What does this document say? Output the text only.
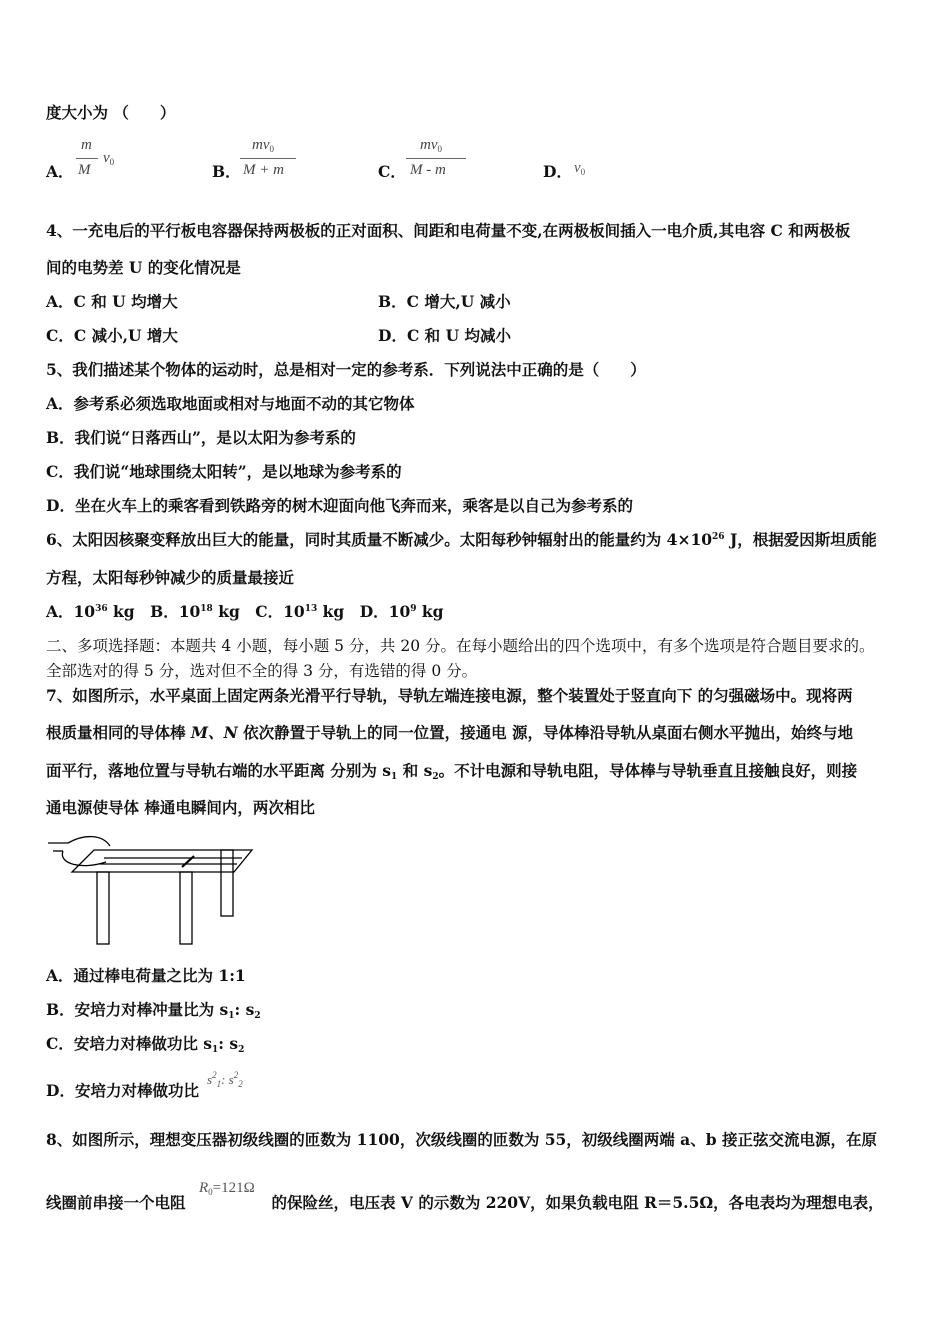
度大小为 （　　）
A．
m
M
$v_0$	B．
$mv_0$
M + m	C．
$mv_0$
M - m	D． $v_0$
4、一充电后的平行板电容器保持两极板的正对面积、间距和电荷量不变,在两极板间插入一电介质,其电容 C 和两极板
间的电势差 U 的变化情况是
A．C 和 U 均增大	B．C 增大,U 减小
C．C 减小,U 增大	D．C 和 U 均减小
5、我们描述某个物体的运动时，总是相对一定的参考系．下列说法中正确的是（　　）
A．参考系必须选取地面或相对与地面不动的其它物体
B．我们说“日落西山”，是以太阳为参考系的
C．我们说“地球围绕太阳转”，是以地球为参考系的
D．坐在火车上的乘客看到铁路旁的树木迎面向他飞奔而来，乘客是以自己为参考系的
6、太阳因核聚变释放出巨大的能量，同时其质量不断减少。太阳每秒钟辐射出的能量约为 $4\times 10^{26}$ J，根据爱因斯坦质能
方程，太阳每秒钟减少的质量最接近
A．$10^{36}$ kg　B．$10^{18}$ kg　C．$10^{13}$ kg　D．$10^9$ kg
二、多项选择题：本题共 4 小题，每小题 5 分，共 20 分。在每小题给出的四个选项中，有多个选项是符合题目要求的。
全部选对的得 5 分，选对但不全的得 3 分，有选错的得 0 分。
7、如图所示，水平桌面上固定两条光滑平行导轨，导轨左端连接电源，整个装置处于竖直向下 的匀强磁场中。现将两
根质量相同的导体棒 M、N 依次静置于导轨上的同一位置，接通电 源，导体棒沿导轨从桌面右侧水平抛出，始终与地
面平行，落地位置与导轨右端的水平距离 分别为 $s_1$ 和 $s_2$。不计电源和导轨电阻，导体棒与导轨垂直且接触良好，则接
通电源使导体 棒通电瞬间内，两次相比
A．通过棒电荷量之比为 1:1
B．安培力对棒冲量比为 $s_1$: $s_2$
C．安培力对棒做功比 $s_1$: $s_2$
D．安培力对棒做功比
$s^2_1$: $s^2_2$
8、如图所示，理想变压器初级线圈的匝数为 1100，次级线圈的匝数为 55，初级线圈两端 a、b 接正弦交流电源，在原
线圈前串接一个电阻	的保险丝，电压表 V 的示数为 220V，如果负载电阻 R＝5.5Ω，各电表均为理想电表，
$R_0=121\Omega$
